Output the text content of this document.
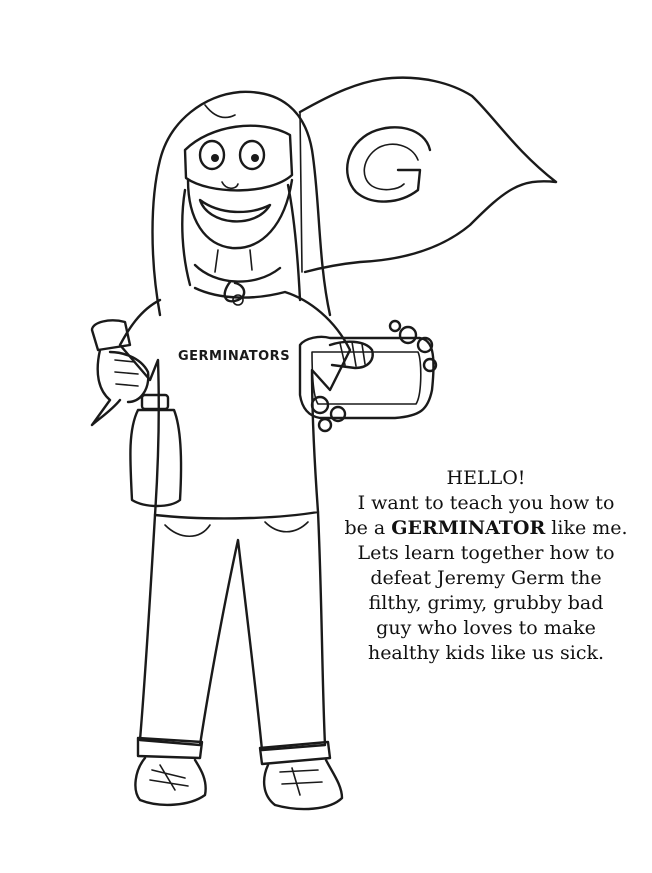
GERMINATORS
HELLO!
I want to teach you how to
be a GERMINATOR like me.
Lets learn together how to
defeat Jeremy Germ the
filthy, grimy, grubby bad
guy who loves to make
healthy kids like us sick.
